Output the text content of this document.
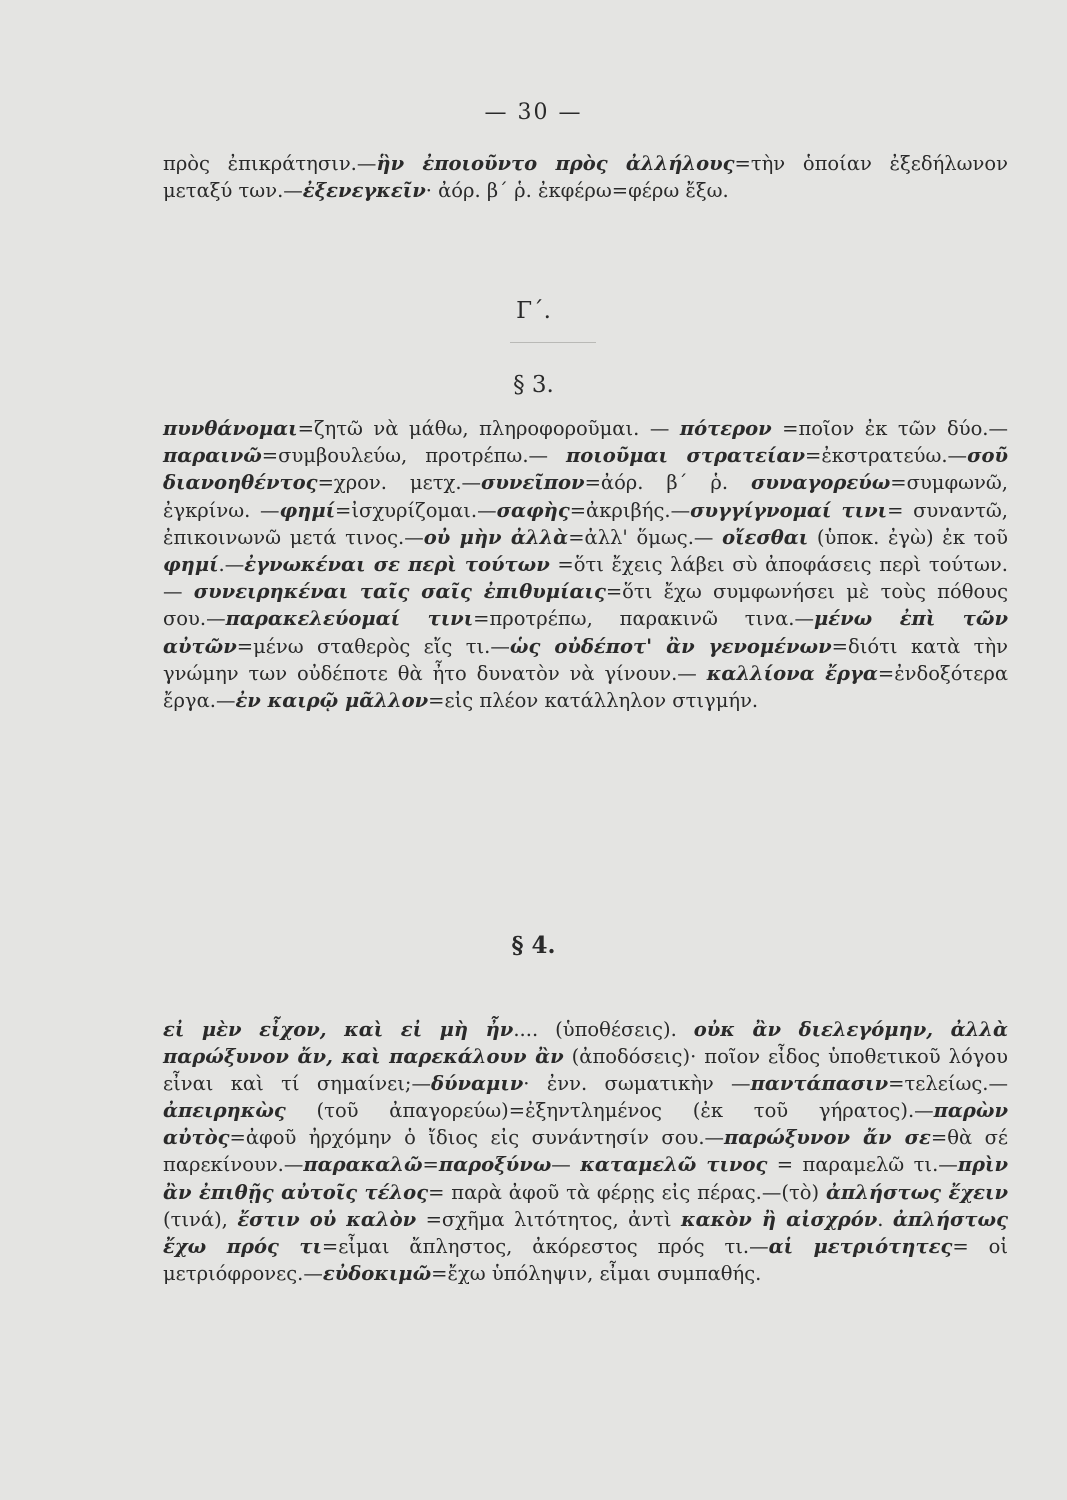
— 30 —

πρὸς ἐπικράτησιν.—ἣν ἐποιοῦντο πρὸς ἀλλήλους=τὴν ὁποίαν ἐξεδήλωνον μεταξύ των.—ἐξενεγκεῖν· ἀόρ. β΄ ῥ. ἐκφέρω=φέρω ἔξω.

Γ΄.
§ 3.

πυνθάνομαι=ζητῶ νὰ μάθω, πληροφοροῦμαι. — πότερον =ποῖον ἐκ τῶν δύο.—παραινῶ=συμβουλεύω, προτρέπω.— ποιοῦμαι στρατείαν=ἐκστρατεύω.—σοῦ διανοηθέντος=χρον. μετχ.—συνεῖπον=ἀόρ. β΄ ῥ. συναγορεύω=συμφωνῶ, ἐγκρίνω. —φημί=ἰσχυρίζομαι.—σαφὴς=ἀκριβής.—συγγίγνομαί τινι= συναντῶ, ἐπικοινωνῶ μετά τινος.—οὐ μὴν ἀλλὰ=ἀλλ' ὅμως.— οἴεσθαι (ὑποκ. ἐγὼ) ἐκ τοῦ φημί.—ἐγνωκέναι σε περὶ τούτων =ὅτι ἔχεις λάβει σὺ ἀποφάσεις περὶ τούτων. — συνειρηκέναι ταῖς σαῖς ἐπιθυμίαις=ὅτι ἔχω συμφωνήσει μὲ τοὺς πόθους σου.—παρακελεύομαί τινι=προτρέπω, παρακινῶ τινα.—μένω ἐπὶ τῶν αὐτῶν=μένω σταθερὸς εἴς τι.—ὡς οὐδέποτ' ἂν γενομένων=διότι κατὰ τὴν γνώμην των οὐδέποτε θὰ ἦτο δυνατὸν νὰ γίνουν.— καλλίονα ἔργα=ἐνδοξότερα ἔργα.—ἐν καιρῷ μᾶλλον=εἰς πλέον κατάλληλον στιγμήν.

§ 4.

εἰ μὲν εἶχον, καὶ εἰ μὴ ἦν.... (ὑποθέσεις). οὐκ ἂν διελεγόμην, ἀλλὰ παρώξυνον ἄν, καὶ παρεκάλουν ἂν (ἀποδόσεις)· ποῖον εἶδος ὑποθετικοῦ λόγου εἶναι καὶ τί σημαίνει;—δύναμιν· ἐνν. σωματικὴν —παντάπασιν=τελείως.—ἀπειρηκὼς (τοῦ ἀπαγορεύω)=ἐξηντλημένος (ἐκ τοῦ γήρατος).—παρὼν αὐτὸς=ἀφοῦ ἠρχόμην ὁ ἴδιος εἰς συνάντησίν σου.—παρώξυνον ἄν σε=θὰ σέ παρεκίνουν.—παρακαλῶ=παροξύνω— καταμελῶ τινος = παραμελῶ τι.—πρὶν ἂν ἐπιθῇς αὐτοῖς τέλος= παρὰ ἀφοῦ τὰ φέρῃς εἰς πέρας.—(τὸ) ἀπλήστως ἔχειν (τινά), ἔστιν οὐ καλὸν =σχῆμα λιτότητος, ἀντὶ κακὸν ἢ αἰσχρόν. ἀπλήστως ἔχω πρός τι=εἶμαι ἄπληστος, ἀκόρεστος πρός τι.—αἱ μετριότητες= οἱ μετριόφρονες.—εὐδοκιμῶ=ἔχω ὑπόληψιν, εἶμαι συμπαθής.
